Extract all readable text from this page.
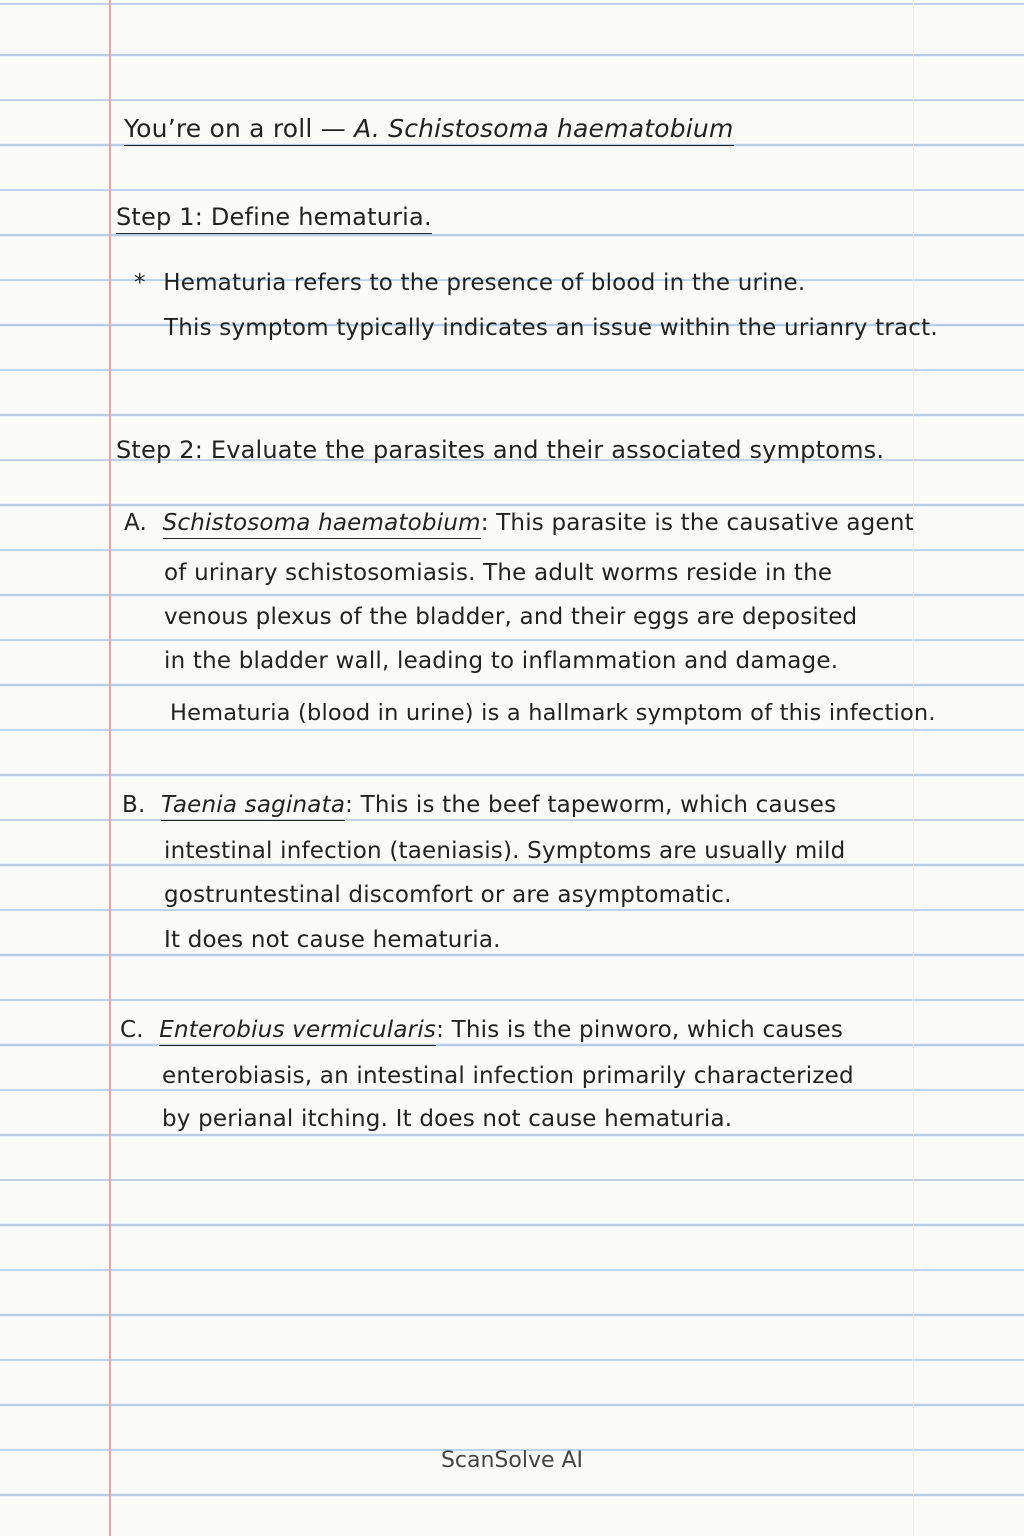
You’re on a roll — A. Schistosoma haematobium
Step 1: Define hematuria.
* Hematuria refers to the presence of blood in the urine.
This symptom typically indicates an issue within the urianry tract.
Step 2: Evaluate the parasites and their associated symptoms.
A. Schistosoma haematobium: This parasite is the causative agent
of urinary schistosomiasis. The adult worms reside in the
venous plexus of the bladder, and their eggs are deposited
in the bladder wall, leading to inflammation and damage.
Hematuria (blood in urine) is a hallmark symptom of this infection.
B. Taenia saginata: This is the beef tapeworm, which causes
intestinal infection (taeniasis). Symptoms are usually mild
gostruntestinal discomfort or are asymptomatic.
It does not cause hematuria.
C. Enterobius vermicularis: This is the pinworo, which causes
enterobiasis, an intestinal infection primarily characterized
by perianal itching. It does not cause hematuria.
ScanSolve AI
